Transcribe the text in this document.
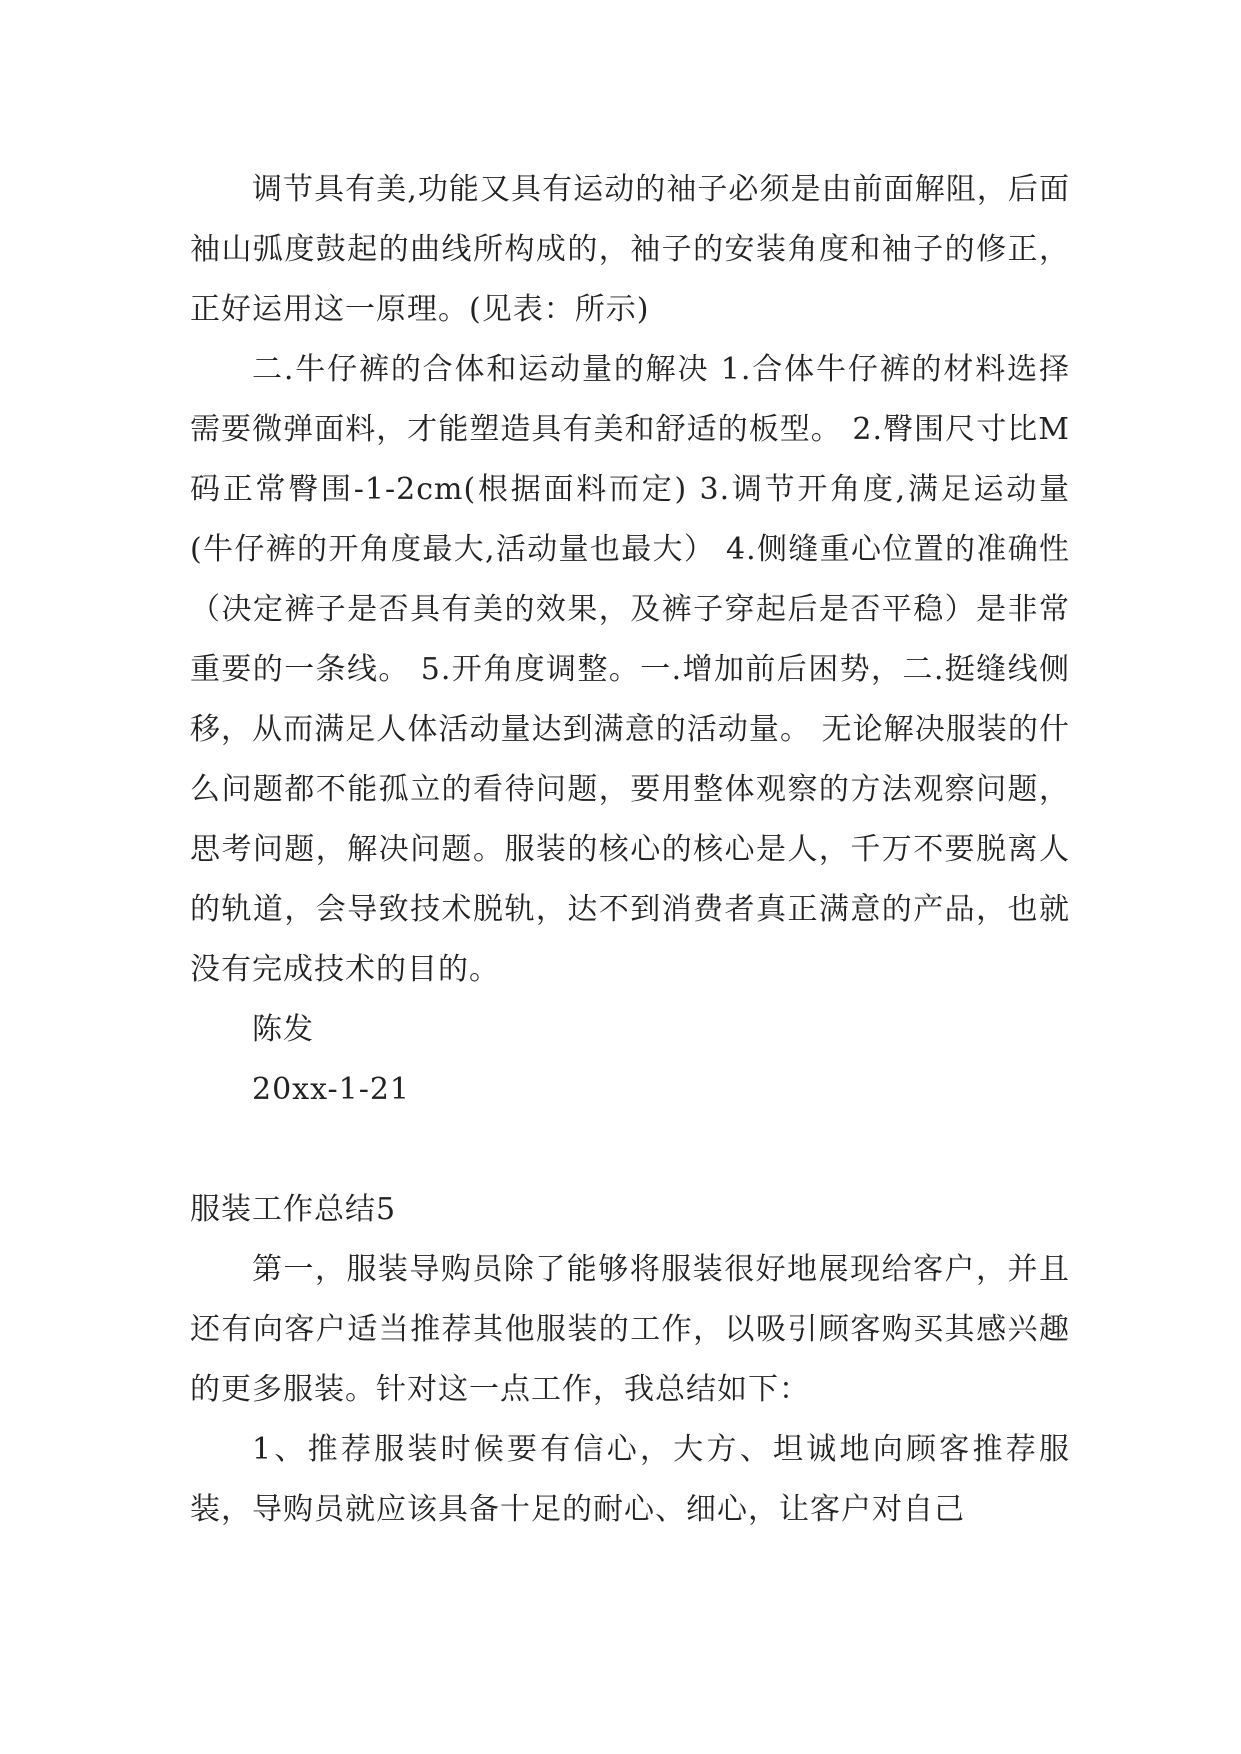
调节具有美,功能又具有运动的袖子必须是由前面解阻，后面袖山弧度鼓起的曲线所构成的，袖子的安装角度和袖子的修正，正好运用这一原理。(见表：所示)

二.牛仔裤的合体和运动量的解决 1.合体牛仔裤的材料选择需要微弹面料，才能塑造具有美和舒适的板型。 2.臀围尺寸比M码正常臀围-1-2cm(根据面料而定) 3.调节开角度,满足运动量(牛仔裤的开角度最大,活动量也最大） 4.侧缝重心位置的准确性（决定裤子是否具有美的效果，及裤子穿起后是否平稳）是非常重要的一条线。 5.开角度调整。一.增加前后困势，二.挺缝线侧移，从而满足人体活动量达到满意的活动量。 无论解决服装的什么问题都不能孤立的看待问题，要用整体观察的方法观察问题，思考问题，解决问题。服装的核心的核心是人，千万不要脱离人的轨道，会导致技术脱轨，达不到消费者真正满意的产品，也就没有完成技术的目的。

陈发

20xx-1-21

服装工作总结5

第一，服装导购员除了能够将服装很好地展现给客户，并且还有向客户适当推荐其他服装的工作，以吸引顾客购买其感兴趣的更多服装。针对这一点工作，我总结如下：

1、推荐服装时候要有信心，大方、坦诚地向顾客推荐服装，导购员就应该具备十足的耐心、细心，让客户对自己
